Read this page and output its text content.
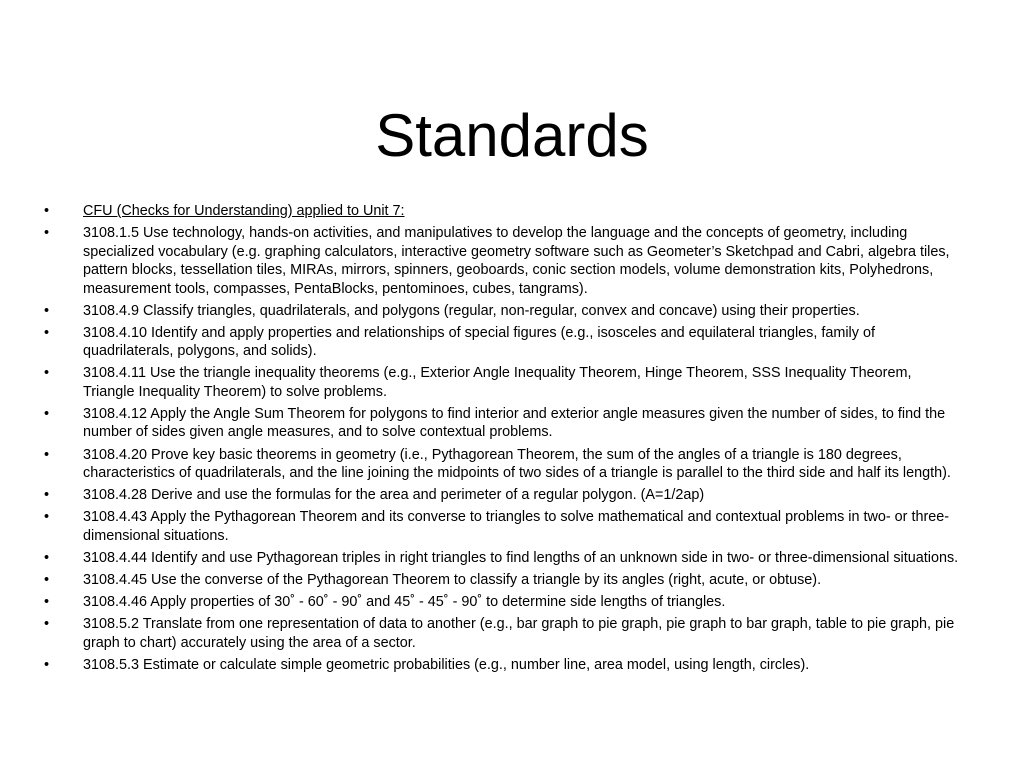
Standards
• CFU (Checks for Understanding) applied to Unit 7:
• 3108.1.5 Use technology, hands-on activities, and manipulatives to develop the language and the concepts of geometry, including specialized vocabulary (e.g. graphing calculators, interactive geometry software such as Geometer’s Sketchpad and Cabri, algebra tiles, pattern blocks, tessellation tiles, MIRAs, mirrors, spinners, geoboards, conic section models, volume demonstration kits, Polyhedrons, measurement tools, compasses, PentaBlocks, pentominoes, cubes, tangrams).
• 3108.4.9 Classify triangles, quadrilaterals, and polygons (regular, non-regular, convex and concave) using their properties.
• 3108.4.10 Identify and apply properties and relationships of special figures (e.g., isosceles and equilateral triangles, family of quadrilaterals, polygons, and solids).
• 3108.4.11 Use the triangle inequality theorems (e.g., Exterior Angle Inequality Theorem, Hinge Theorem, SSS Inequality Theorem, Triangle Inequality Theorem) to solve problems.
• 3108.4.12 Apply the Angle Sum Theorem for polygons to find interior and exterior angle measures given the number of sides, to find the number of sides given angle measures, and to solve contextual problems.
• 3108.4.20 Prove key basic theorems in geometry (i.e., Pythagorean Theorem, the sum of the angles of a triangle is 180 degrees, characteristics of quadrilaterals, and the line joining the midpoints of two sides of a triangle is parallel to the third side and half its length).
• 3108.4.28 Derive and use the formulas for the area and perimeter of a regular polygon. (A=1/2ap)
• 3108.4.43 Apply the Pythagorean Theorem and its converse to triangles to solve mathematical and contextual problems in two- or three-dimensional situations.
• 3108.4.44 Identify and use Pythagorean triples in right triangles to find lengths of an unknown side in two- or three-dimensional situations.
• 3108.4.45 Use the converse of the Pythagorean Theorem to classify a triangle by its angles (right, acute, or obtuse).
• 3108.4.46 Apply properties of 30˚ - 60˚ - 90˚ and 45˚ - 45˚ - 90˚ to determine side lengths of triangles.
• 3108.5.2 Translate from one representation of data to another (e.g., bar graph to pie graph, pie graph to bar graph, table to pie graph, pie graph to chart) accurately using the area of a sector.
• 3108.5.3 Estimate or calculate simple geometric probabilities (e.g., number line, area model, using length, circles).
